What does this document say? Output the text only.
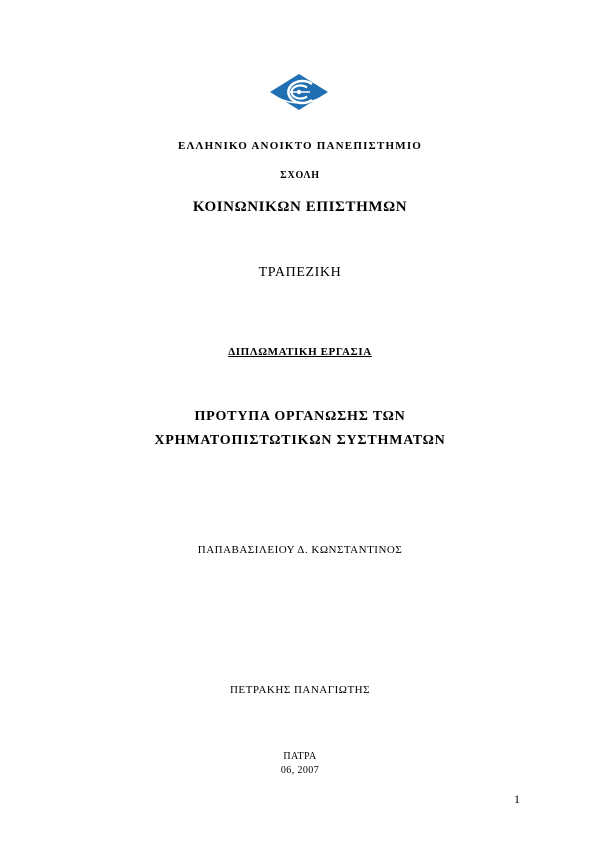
ΕΛΛΗΝΙΚΟ ΑΝΟΙΚΤΟ ΠΑΝΕΠΙΣΤΗΜΙΟ
ΣΧΟΛΗ
ΚΟΙΝΩΝΙΚΩΝ ΕΠΙΣΤΗΜΩΝ
ΤΡΑΠΕΖΙΚΗ
ΔΙΠΛΩΜΑΤΙΚΗ ΕΡΓΑΣΙΑ
ΠΡΟΤΥΠΑ ΟΡΓΑΝΩΣΗΣ ΤΩΝ
ΧΡΗΜΑΤΟΠΙΣΤΩΤΙΚΩΝ ΣΥΣΤΗΜΑΤΩΝ
ΠΑΠΑΒΑΣΙΛΕΙΟΥ Δ. ΚΩΝΣΤΑΝΤΙΝΟΣ
ΠΕΤΡΑΚΗΣ ΠΑΝΑΓΙΩΤΗΣ
ΠΑΤΡΑ
06, 2007
1
